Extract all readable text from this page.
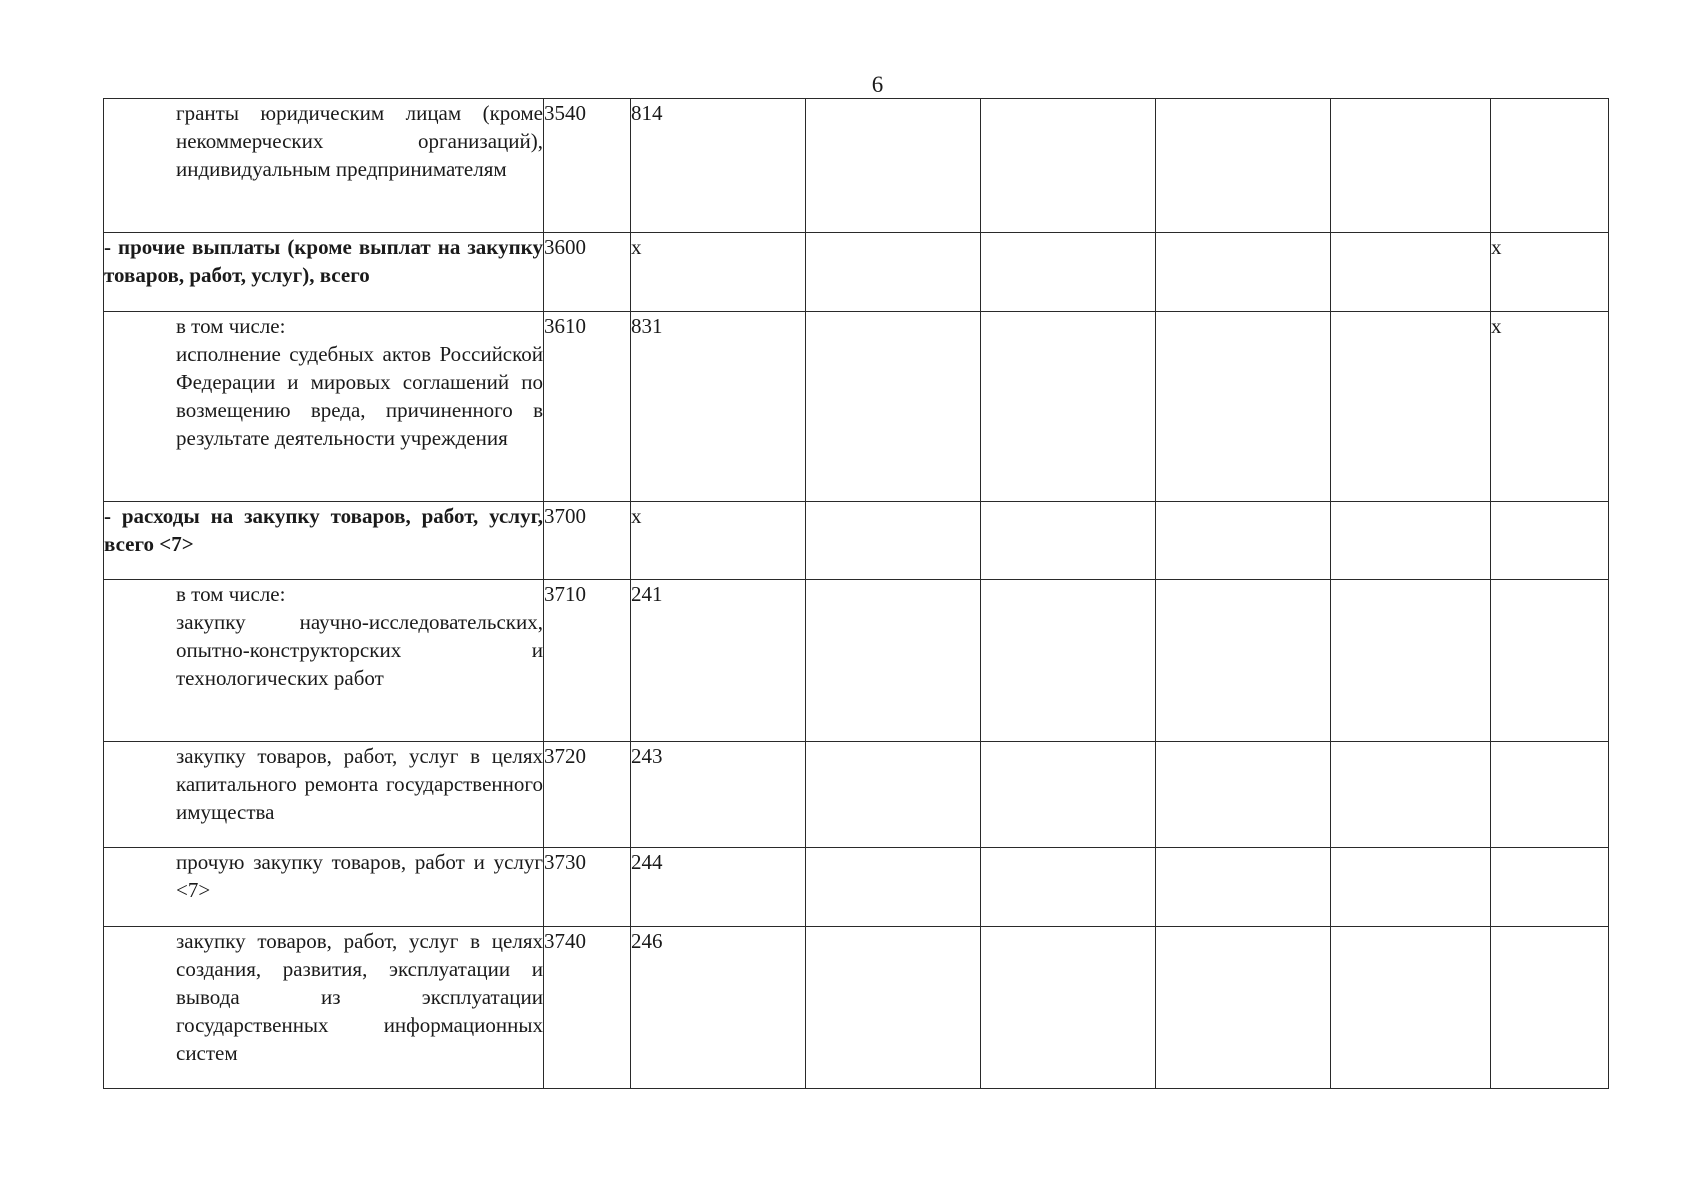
6
гранты юридическим лицам (кроме некоммерческих организаций), индивидуальным предпринимателям	3540	814					
- прочие выплаты (кроме выплат на закупку товаров, работ, услуг), всего	3600	х					х

в том числе:
исполнение судебных актов Российской Федерации и мировых соглашений по возмещению вреда, причиненного в результате деятельности учреждения	3610	831					х
- расходы на закупку товаров, работ, услуг, всего <7>	3700	х					

в том числе:
закупку научно-исследовательских, опытно-конструкторских и технологических работ	3710	241					
закупку товаров, работ, услуг в целях капитального ремонта государственного имущества	3720	243					
прочую закупку товаров, работ и услуг <7>	3730	244					
закупку товаров, работ, услуг в целях создания, развития, эксплуатации и вывода из эксплуатации государственных информационных систем	3740	246					
